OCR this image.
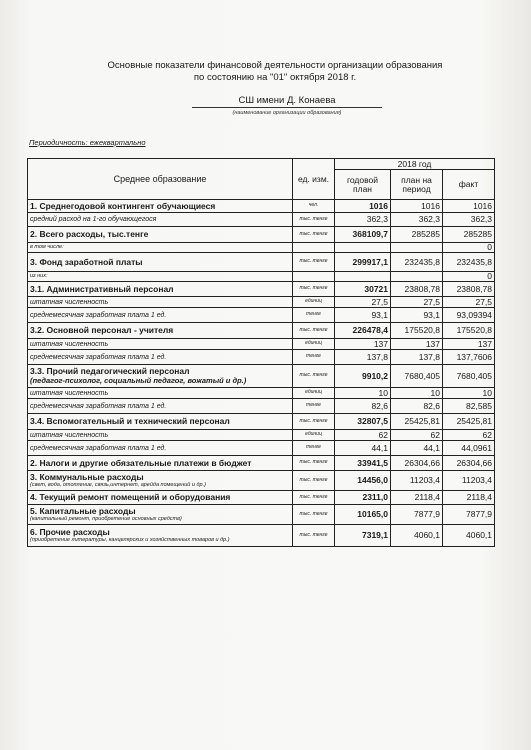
Основные показатели финансовой деятельности организации образования
по состоянию на "01" октября 2018 г.
СШ имени Д. Конаева
(наименование организации образования)
Периодичность: ежеквартально
Среднее образование	ед. изм.	2018 год		
		годовой план	план на период	факт
1. Среднегодовой контингент обучающиеся	чел.	1016	1016	1016
средний расход на 1-го обучающегося	тыс. тенге	362,3	362,3	362,3
2. Всего расходы, тыс.тенге	тыс. тенге	368109,7	285285	285285
в том числе:				0
3. Фонд заработной платы	тыс. тенге	299917,1	232435,8	232435,8
из них:				0
3.1. Административный персонал	тыс. тенге	30721	23808,78	23808,78
штатная численность	единиц	27,5	27,5	27,5
среднемесячная заработная плата 1 ед.	тенге	93,1	93,1	93,09394
3.2. Основной персонал - учителя	тыс. тенге	226478,4	175520,8	175520,8
штатная численность	единиц	137	137	137
среднемесячная заработная плата 1 ед.	тенге	137,8	137,8	137,7606
3.3. Прочий педагогический персонал
(педагог-психолог, социальный педагог, вожатый и др.)	тыс. тенге	9910,2	7680,405	7680,405
штатная численность	единиц	10	10	10
среднемесячная заработная плата 1 ед.	тенге	82,6	82,6	82,585
3.4. Вспомогательный и технический персонал	тыс. тенге	32807,5	25425,81	25425,81
штатная численность	единиц	62	62	62
среднемесячная заработная плата 1 ед.	тенге	44,1	44,1	44,0961
2. Налоги и другие обязательные платежи в бюджет	тыс. тенге	33941,5	26304,66	26304,66
3. Коммунальные расходы
(свет, вода, отопление, связь,интернет, арейда помещений и др.)	тыс. тенге	14456,0	11203,4	11203,4
4. Текущий ремонт помещений и оборудования	тыс. тенге	2311,0	2118,4	2118,4
5. Капитальные расходы
(капитальный ремонт, приобретение основных средств)	тыс. тенге	10165,0	7877,9	7877,9
6. Прочие расходы
(приобретение литературы, канцелярских и хозяйственных товаров и др.)	тыс. тенге	7319,1	4060,1	4060,1
